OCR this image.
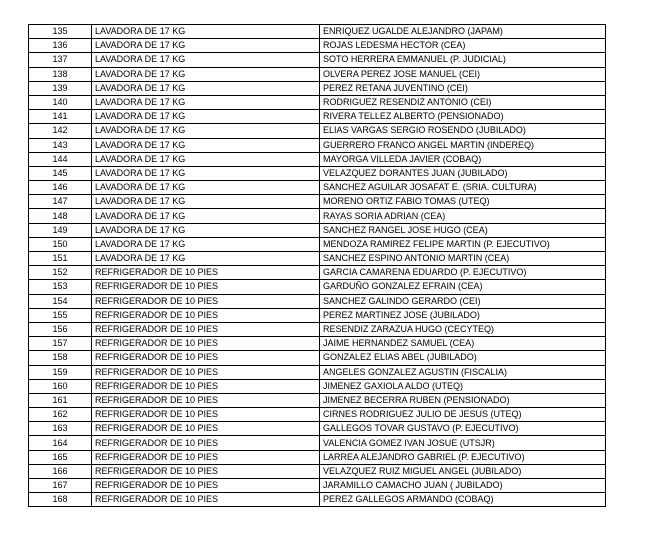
135	LAVADORA DE 17 KG	ENRIQUEZ UGALDE ALEJANDRO (JAPAM)
136	LAVADORA DE 17 KG	ROJAS LEDESMA HECTOR (CEA)
137	LAVADORA DE 17 KG	SOTO HERRERA EMMANUEL (P. JUDICIAL)
138	LAVADORA DE 17 KG	OLVERA PEREZ JOSE MANUEL (CEI)
139	LAVADORA DE 17 KG	PEREZ RETANA JUVENTINO (CEI)
140	LAVADORA DE 17 KG	RODRIGUEZ RESENDIZ ANTONIO (CEI)
141	LAVADORA DE 17 KG	RIVERA TELLEZ ALBERTO (PENSIONADO)
142	LAVADORA DE 17 KG	ELIAS VARGAS SERGIO ROSENDO (JUBILADO)
143	LAVADORA DE 17 KG	GUERRERO FRANCO ANGEL MARTIN (INDEREQ)
144	LAVADORA DE 17 KG	MAYORGA VILLEDA JAVIER (COBAQ)
145	LAVADORA DE 17 KG	VELAZQUEZ DORANTES JUAN (JUBILADO)
146	LAVADORA DE 17 KG	SANCHEZ AGUILAR JOSAFAT E. (SRIA. CULTURA)
147	LAVADORA DE 17 KG	MORENO ORTIZ FABIO TOMAS (UTEQ)
148	LAVADORA DE 17 KG	RAYAS SORIA ADRIAN (CEA)
149	LAVADORA DE 17 KG	SANCHEZ RANGEL JOSE HUGO (CEA)
150	LAVADORA DE 17 KG	MENDOZA RAMIREZ FELIPE MARTIN (P. EJECUTIVO)
151	LAVADORA DE 17 KG	SANCHEZ ESPINO ANTONIO MARTIN (CEA)
152	REFRIGERADOR DE 10 PIES	GARCIA CAMARENA EDUARDO (P. EJECUTIVO)
153	REFRIGERADOR DE 10 PIES	GARDUÑO GONZALEZ EFRAIN (CEA)
154	REFRIGERADOR DE 10 PIES	SANCHEZ GALINDO GERARDO (CEI)
155	REFRIGERADOR DE 10 PIES	PEREZ MARTINEZ JOSE (JUBILADO)
156	REFRIGERADOR DE 10 PIES	RESENDIZ ZARAZUA HUGO (CECYTEQ)
157	REFRIGERADOR DE 10 PIES	JAIME HERNANDEZ SAMUEL (CEA)
158	REFRIGERADOR DE 10 PIES	GONZALEZ ELIAS ABEL (JUBILADO)
159	REFRIGERADOR DE 10 PIES	ANGELES GONZALEZ AGUSTIN (FISCALIA)
160	REFRIGERADOR DE 10 PIES	JIMENEZ GAXIOLA ALDO (UTEQ)
161	REFRIGERADOR DE 10 PIES	JIMENEZ BECERRA RUBEN (PENSIONADO)
162	REFRIGERADOR DE 10 PIES	CIRNES RODRIGUEZ JULIO DE JESUS (UTEQ)
163	REFRIGERADOR DE 10 PIES	GALLEGOS TOVAR GUSTAVO (P. EJECUTIVO)
164	REFRIGERADOR DE 10 PIES	VALENCIA GOMEZ IVAN JOSUE (UTSJR)
165	REFRIGERADOR DE 10 PIES	LARREA ALEJANDRO GABRIEL (P. EJECUTIVO)
166	REFRIGERADOR DE 10 PIES	VELAZQUEZ RUIZ MIGUEL ANGEL (JUBILADO)
167	REFRIGERADOR DE 10 PIES	JARAMILLO CAMACHO JUAN ( JUBILADO)
168	REFRIGERADOR DE 10 PIES	PEREZ GALLEGOS ARMANDO (COBAQ)
